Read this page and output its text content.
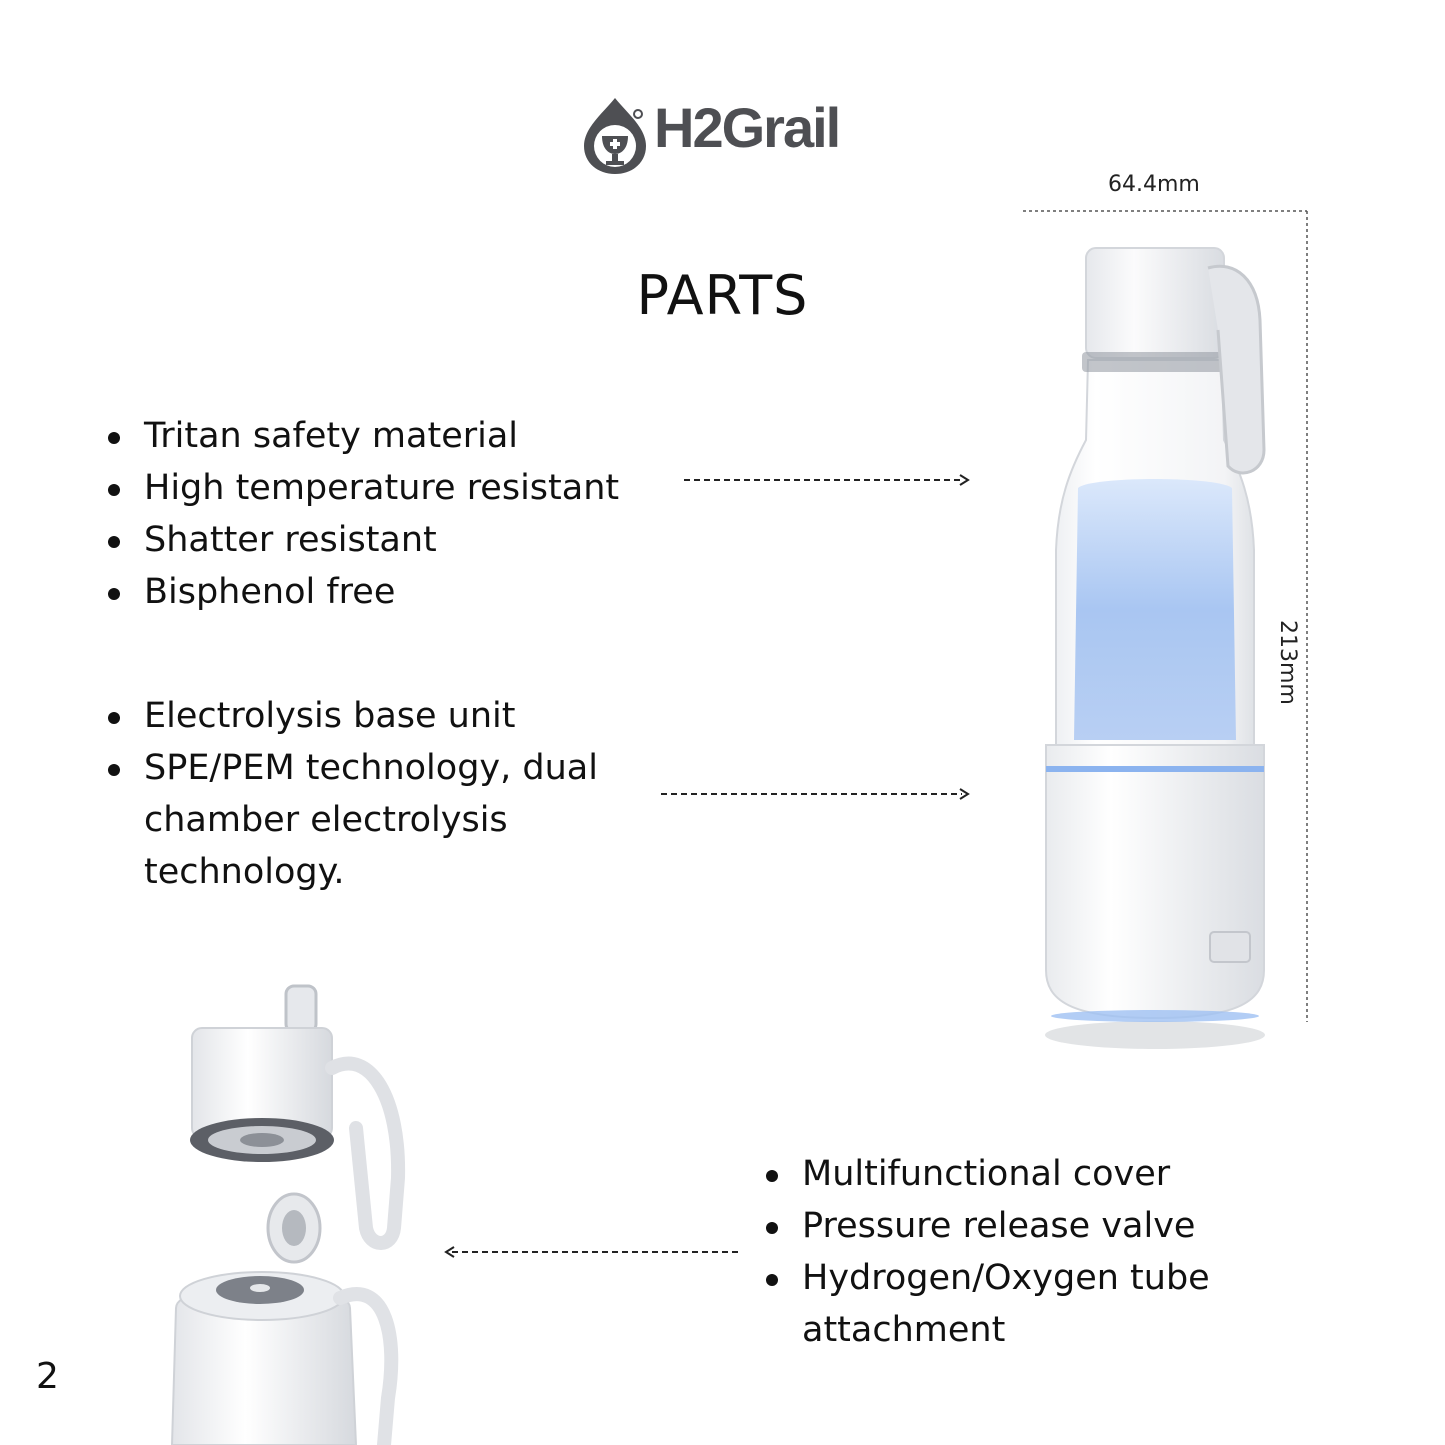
H2Grail
PARTS
Tritan safety material
High temperature resistant
Shatter resistant
Bisphenol free
Electrolysis base unit
SPE/PEM technology, dual chamber electrolysis technology.
Multifunctional cover
Pressure release valve
Hydrogen/Oxygen tube attachment
64.4mm
213mm
2
